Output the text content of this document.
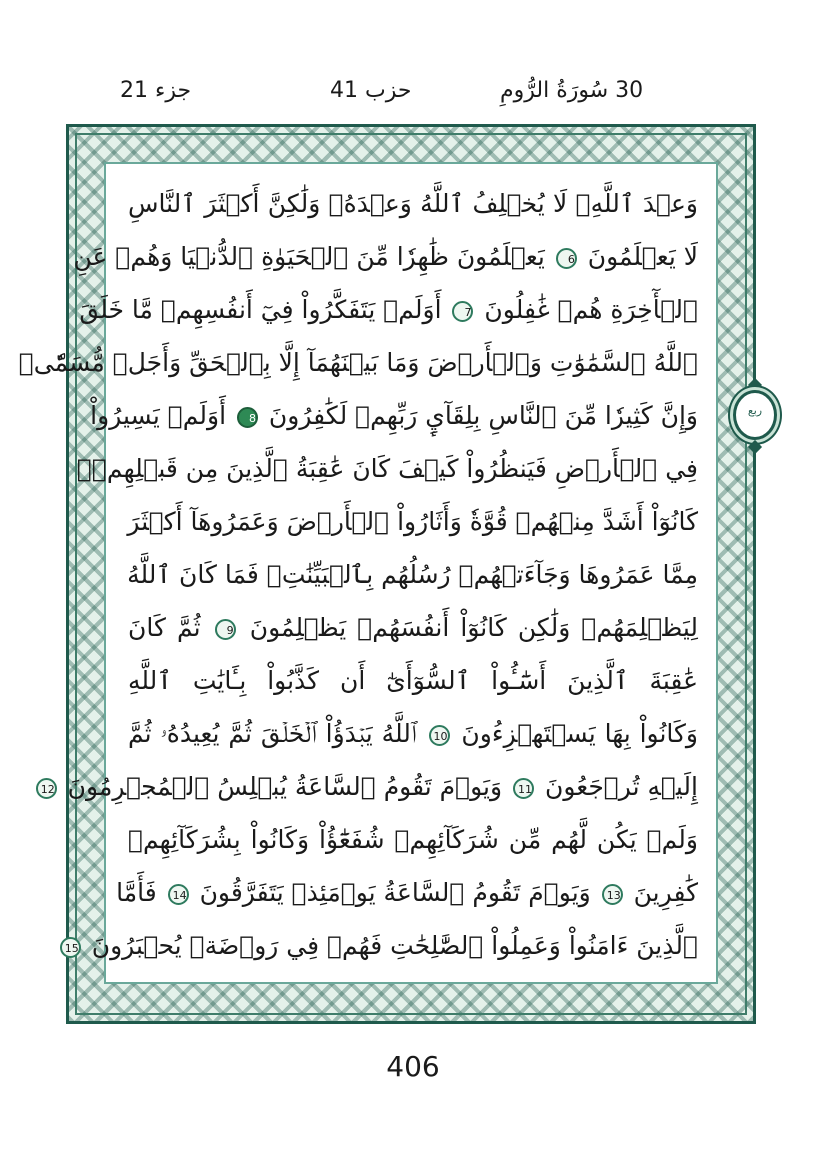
30 سُورَةُ الرُّومِ
حزب 41
جزء 21
وَعۡدَ ٱللَّهِۖ لَا يُخۡلِفُ ٱللَّهُ وَعۡدَهُۥ وَلَٰكِنَّ أَكۡثَرَ ٱلنَّاسِ
لَا يَعۡلَمُونَ 6 يَعۡلَمُونَ ظَٰهِرٗا مِّنَ ٱلۡحَيَوٰةِ ٱلدُّنۡيَا وَهُمۡ عَنِ
ٱلۡأٓخِرَةِ هُمۡ غَٰفِلُونَ 7 أَوَلَمۡ يَتَفَكَّرُواْ فِيٓ أَنفُسِهِمۗ مَّا خَلَقَ
ٱللَّهُ ٱلسَّمَٰوَٰتِ وَٱلۡأَرۡضَ وَمَا بَيۡنَهُمَآ إِلَّا بِٱلۡحَقِّ وَأَجَلٖ مُّسَمّٗىۗ
وَإِنَّ كَثِيرٗا مِّنَ ٱلنَّاسِ بِلِقَآيِٕ رَبِّهِمۡ لَكَٰفِرُونَ 8 أَوَلَمۡ يَسِيرُواْ
فِي ٱلۡأَرۡضِ فَيَنظُرُواْ كَيۡفَ كَانَ عَٰقِبَةُ ٱلَّذِينَ مِن قَبۡلِهِمۡۚ
كَانُوٓاْ أَشَدَّ مِنۡهُمۡ قُوَّةٗ وَأَثَارُواْ ٱلۡأَرۡضَ وَعَمَرُوهَآ أَكۡثَرَ
مِمَّا عَمَرُوهَا وَجَآءَتۡهُمۡ رُسُلُهُم بِٱلۡبَيِّنَٰتِۖ فَمَا كَانَ ٱللَّهُ
لِيَظۡلِمَهُمۡ وَلَٰكِن كَانُوٓاْ أَنفُسَهُمۡ يَظۡلِمُونَ 9 ثُمَّ كَانَ
عَٰقِبَةَ ٱلَّذِينَ أَسَٰٓـُٔواْ ٱلسُّوٓأَىٰٓ أَن كَذَّبُواْ بِـَٔايَٰتِ ٱللَّهِ
وَكَانُواْ بِهَا يَسۡتَهۡزِءُونَ 10 ٱللَّهُ يَبۡدَؤُاْ ٱلۡخَلۡقَ ثُمَّ يُعِيدُهُۥ ثُمَّ
إِلَيۡهِ تُرۡجَعُونَ 11 وَيَوۡمَ تَقُومُ ٱلسَّاعَةُ يُبۡلِسُ ٱلۡمُجۡرِمُونَ 12
وَلَمۡ يَكُن لَّهُم مِّن شُرَكَآئِهِمۡ شُفَعَٰٓؤُاْ وَكَانُواْ بِشُرَكَآئِهِمۡ
كَٰفِرِينَ 13 وَيَوۡمَ تَقُومُ ٱلسَّاعَةُ يَوۡمَئِذٖ يَتَفَرَّقُونَ 14 فَأَمَّا
ٱلَّذِينَ ءَامَنُواْ وَعَمِلُواْ ٱلصَّٰلِحَٰتِ فَهُمۡ فِي رَوۡضَةٖ يُحۡبَرُونَ 15
ربع
406
